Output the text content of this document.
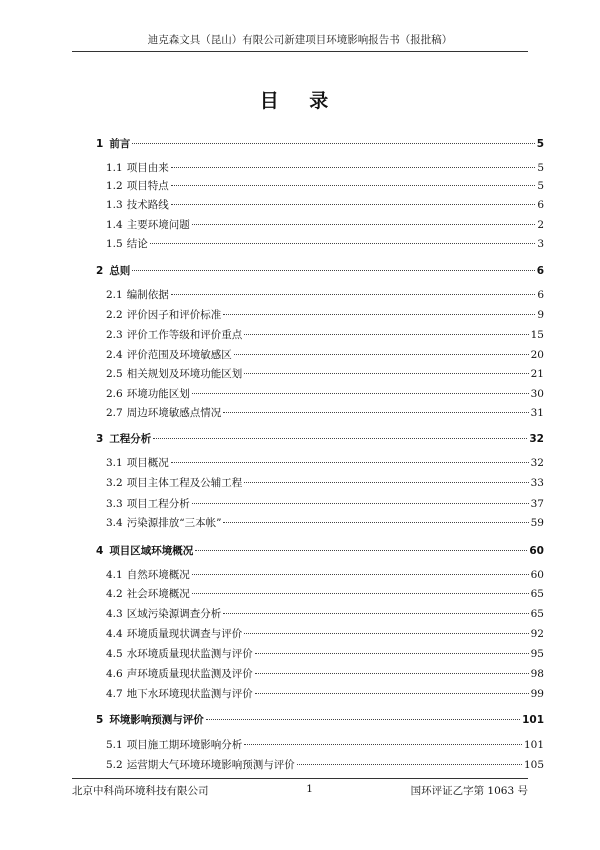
迪克森文具（昆山）有限公司新建项目环境影响报告书（报批稿）
目 录
1 前言	5
1.1 项目由来	5
1.2 项目特点	5
1.3 技术路线	6
1.4 主要环境问题	2
1.5 结论	3
2 总则	6
2.1 编制依据	6
2.2 评价因子和评价标准	9
2.3 评价工作等级和评价重点	15
2.4 评价范围及环境敏感区	20
2.5 相关规划及环境功能区划	21
2.6 环境功能区划	30
2.7 周边环境敏感点情况	31
3 工程分析	32
3.1 项目概况	32
3.2 项目主体工程及公辅工程	33
3.3 项目工程分析	37
3.4 污染源排放“三本帐”	59
4 项目区域环境概况	60
4.1 自然环境概况	60
4.2 社会环境概况	65
4.3 区域污染源调查分析	65
4.4 环境质量现状调查与评价	92
4.5 水环境质量现状监测与评价	95
4.6 声环境质量现状监测及评价	98
4.7 地下水环境现状监测与评价	99
5 环境影响预测与评价	101
5.1 项目施工期环境影响分析	101
5.2 运营期大气环境环境影响预测与评价	105
北京中科尚环境科技有限公司	1	国环评证乙字第 1063 号
